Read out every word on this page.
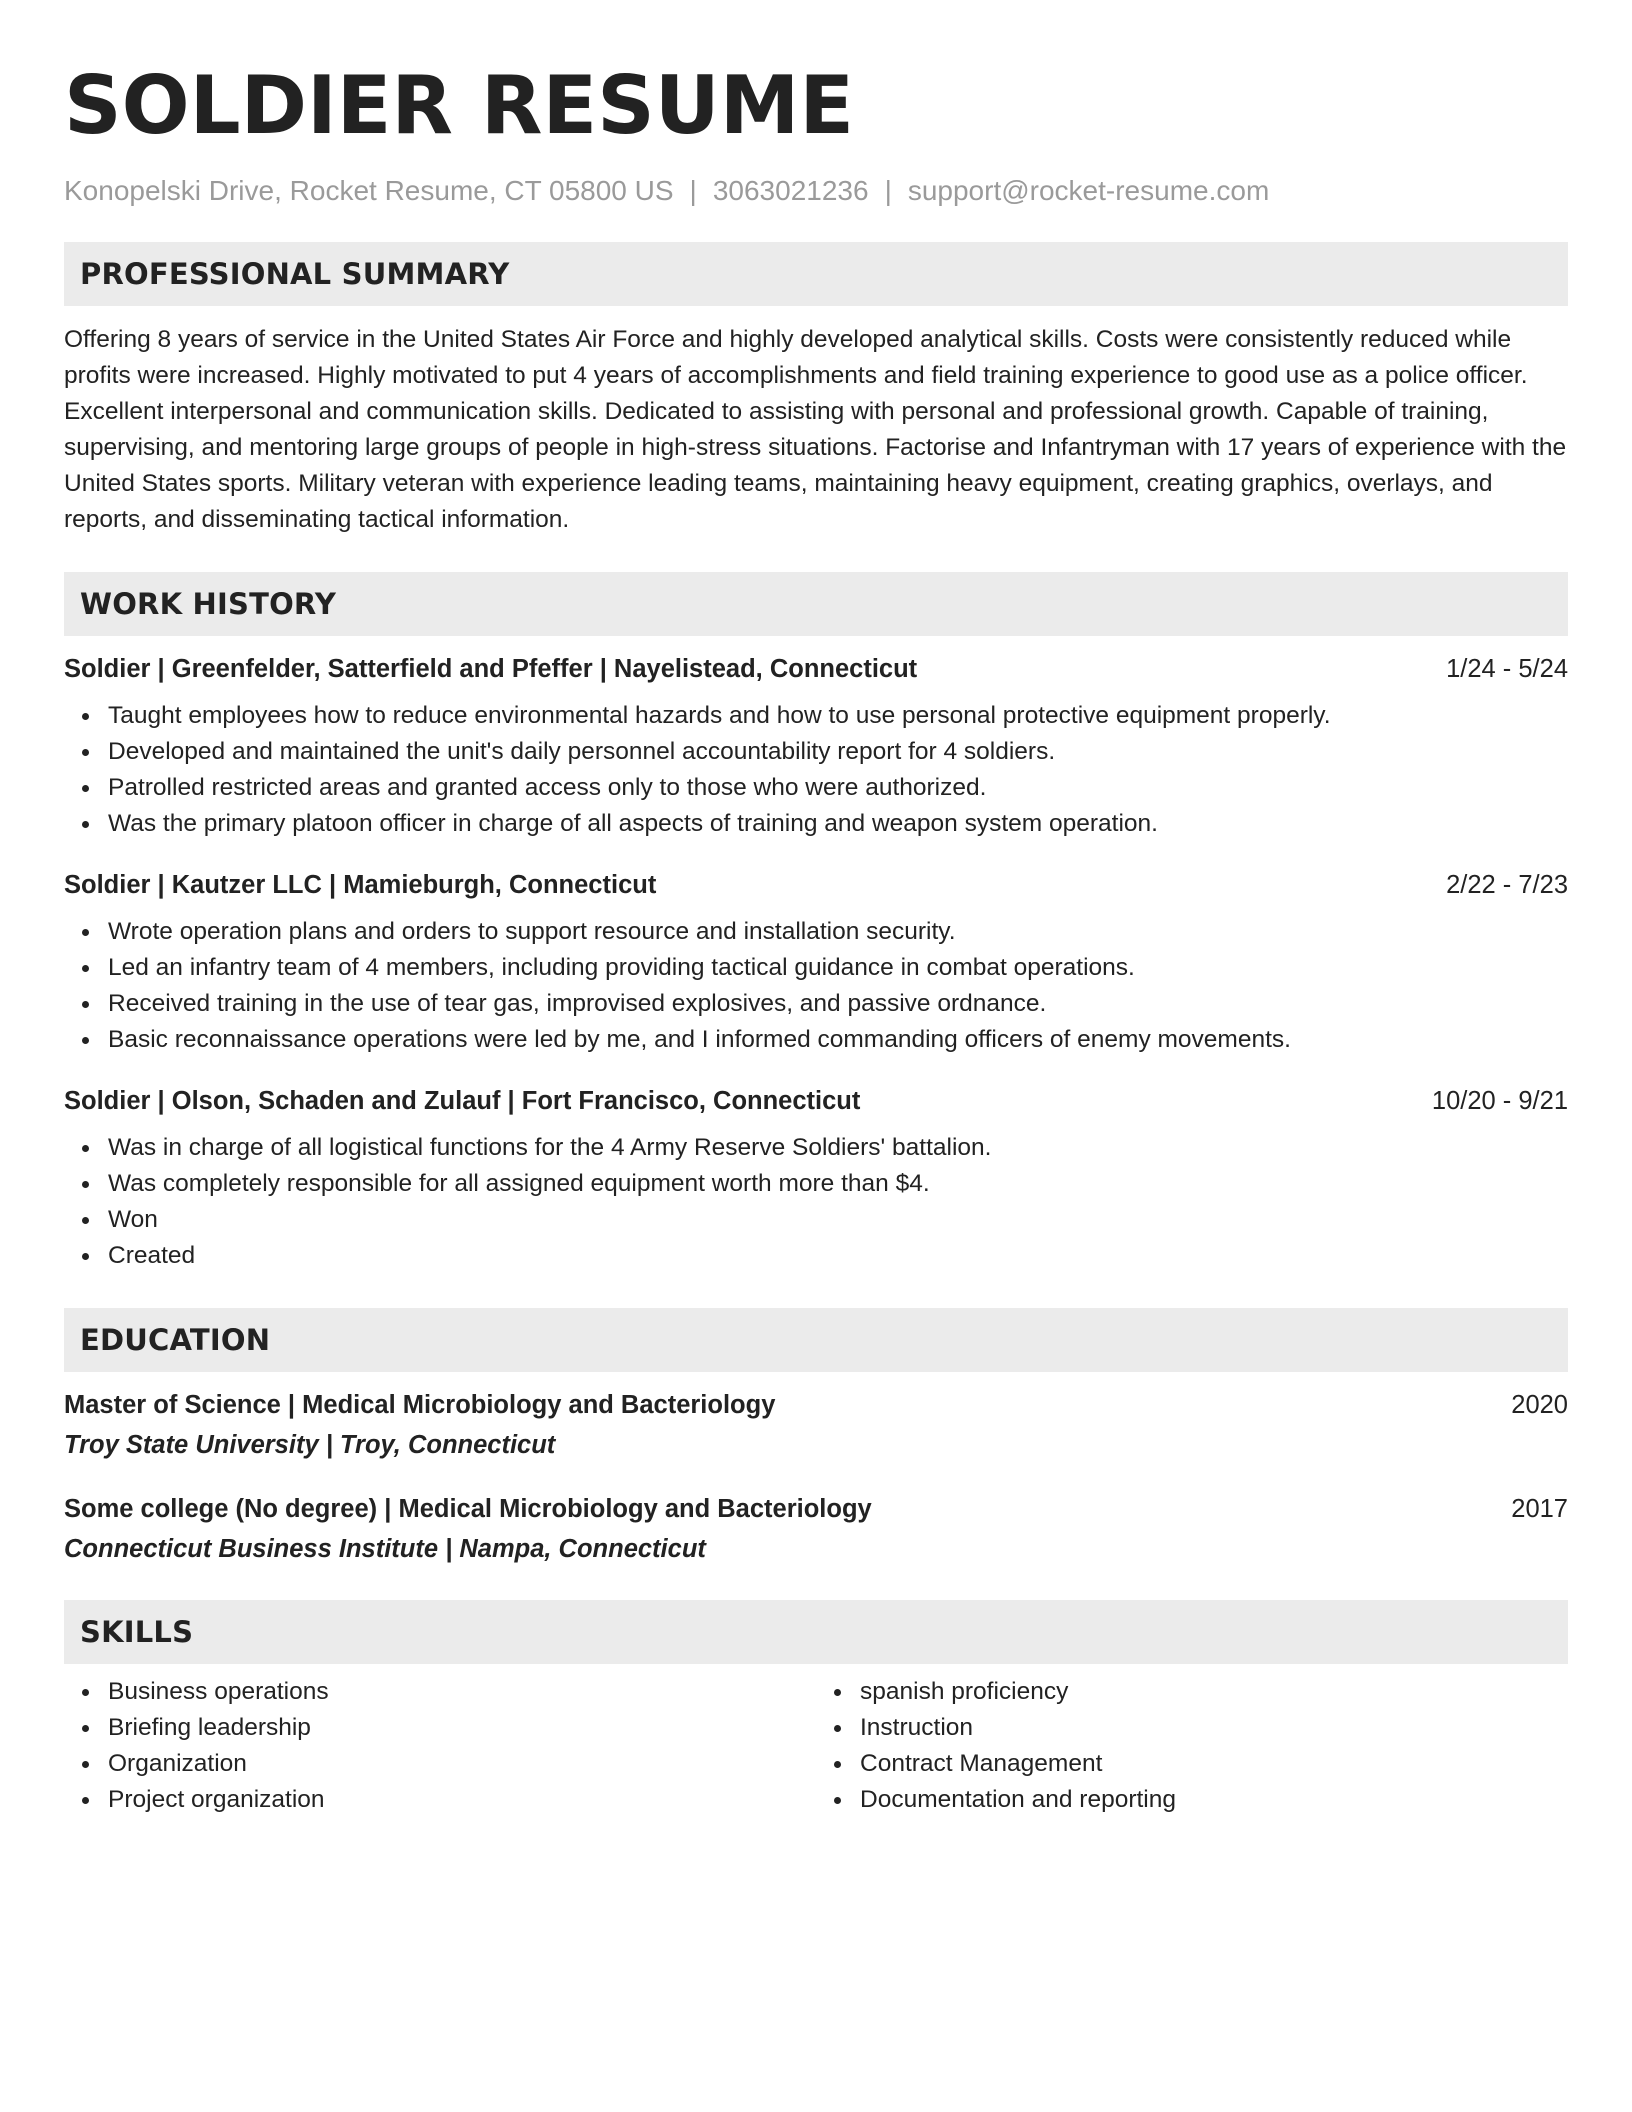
SOLDIER RESUME
Konopelski Drive, Rocket Resume, CT 05800 US | 3063021236 | support@rocket-resume.com
PROFESSIONAL SUMMARY

Offering 8 years of service in the United States Air Force and highly developed analytical skills. Costs were consistently reduced while profits were increased. Highly motivated to put 4 years of accomplishments and field training experience to good use as a police officer. Excellent interpersonal and communication skills. Dedicated to assisting with personal and professional growth. Capable of training, supervising, and mentoring large groups of people in high-stress situations. Factorise and Infantryman with 17 years of experience with the United States sports. Military veteran with experience leading teams, maintaining heavy equipment, creating graphics, overlays, and reports, and disseminating tactical information.

WORK HISTORY
Soldier | Greenfelder, Satterfield and Pfeffer | Nayelistead, Connecticut	1/24 - 5/24
Taught employees how to reduce environmental hazards and how to use personal protective equipment properly.
Developed and maintained the unit's daily personnel accountability report for 4 soldiers.
Patrolled restricted areas and granted access only to those who were authorized.
Was the primary platoon officer in charge of all aspects of training and weapon system operation.
Soldier | Kautzer LLC | Mamieburgh, Connecticut	2/22 - 7/23
Wrote operation plans and orders to support resource and installation security.
Led an infantry team of 4 members, including providing tactical guidance in combat operations.
Received training in the use of tear gas, improvised explosives, and passive ordnance.
Basic reconnaissance operations were led by me, and I informed commanding officers of enemy movements.
Soldier | Olson, Schaden and Zulauf | Fort Francisco, Connecticut	10/20 - 9/21
Was in charge of all logistical functions for the 4 Army Reserve Soldiers' battalion.
Was completely responsible for all assigned equipment worth more than $4.
Won
Created
EDUCATION
Master of Science | Medical Microbiology and Bacteriology	2020
Troy State University | Troy, Connecticut
Some college (No degree) | Medical Microbiology and Bacteriology	2017
Connecticut Business Institute | Nampa, Connecticut
SKILLS
Business operations
Briefing leadership
Organization
Project organization
spanish proficiency
Instruction
Contract Management
Documentation and reporting
